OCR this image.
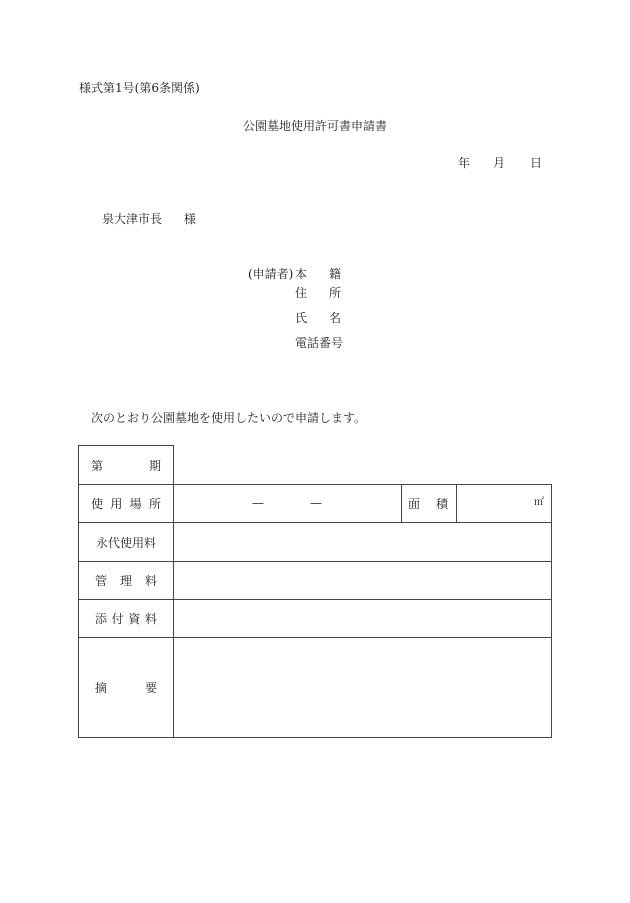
様式第1号(第6条関係)
公園墓地使用許可書申請書
年 月 日
泉大津市長 様
(申請者) 本 籍
住 所
氏 名
電話番号
次のとおり公園墓地を使用したいので申請します。
第	期
使 用 場 所	—	—	面 積	㎡
永代使用料
管 理 料
添 付 資 料
摘	要
